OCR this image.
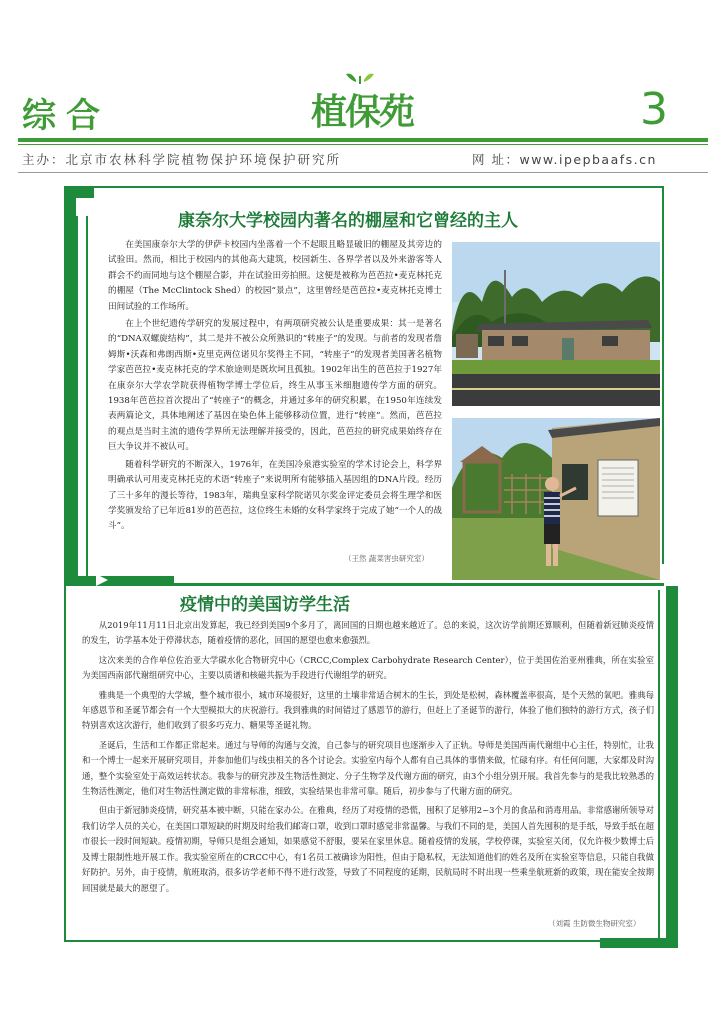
综合	植保苑	3
主办：北京市农林科学院植物保护环境保护研究所	网 址：www.ipepbaafs.cn
康奈尔大学校园内著名的棚屋和它曾经的主人

在美国康奈尔大学的伊萨卡校园内坐落着一个不起眼且略显破旧的棚屋及其旁边的试验田。然而，相比于校园内的其他高大建筑，校园新生、各界学者以及外来游客等人群会不约而同地与这个棚屋合影，并在试验田旁拍照。这便是被称为芭芭拉•麦克林托克的棚屋（The McClintock Shed）的校园“景点”，这里曾经是芭芭拉•麦克林托克博士田间试验的工作场所。

在上个世纪遗传学研究的发展过程中，有两项研究被公认是重要成果：其一是著名的“DNA双螺旋结构”，其二是并不被公众所熟识的“转座子”的发现。与前者的发现者詹姆斯•沃森和弗朗西斯•克里克两位诺贝尔奖得主不同，“转座子”的发现者美国著名植物学家芭芭拉•麦克林托克的学术旅途则是既坎坷且孤独。1902年出生的芭芭拉于1927年在康奈尔大学农学院获得植物学博士学位后，终生从事玉米细胞遗传学方面的研究。1938年芭芭拉首次提出了“转座子”的概念，并通过多年的研究积累，在1950年连续发表两篇论文，具体地阐述了基因在染色体上能够移动位置，进行“转座”。然而，芭芭拉的观点是当时主流的遗传学界所无法理解并接受的，因此，芭芭拉的研究成果始终存在巨大争议并不被认可。

随着科学研究的不断深入，1976年，在美国冷泉港实验室的学术讨论会上，科学界明确承认可用麦克林托克的术语“转座子”来说明所有能够插入基因组的DNA片段。经历了三十多年的漫长等待，1983年，瑞典皇家科学院诺贝尔奖金评定委员会将生理学和医学奖颁发给了已年近81岁的芭芭拉，这位终生未婚的女科学家终于完成了她“一个人的战斗”。

（王然 蔬菜害虫研究室）
疫情中的美国访学生活

从2019年11月11日北京出发算起，我已经到美国9个多月了，离回国的日期也越来越近了。总的来说，这次访学前期还算顺利，但随着新冠肺炎疫情的发生，访学基本处于停滞状态，随着疫情的恶化，回国的愿望也愈来愈强烈。

这次来美的合作单位佐治亚大学碳水化合物研究中心（CRCC,Complex Carbohydrate Research Center），位于美国佐治亚州雅典，所在实验室为美国西南部代谢组研究中心，主要以质谱和核磁共振为手段进行代谢组学的研究。

雅典是一个典型的大学城，整个城市很小，城市环境很好，这里的土壤非常适合树木的生长，到处是松树，森林覆盖率很高，是个天然的氧吧。雅典每年感恩节和圣诞节都会有一个大型模拟大的庆祝游行。我到雅典的时间错过了感恩节的游行，但赶上了圣诞节的游行，体验了他们独特的游行方式，孩子们特别喜欢这次游行，他们收到了很多巧克力、糖果等圣诞礼物。

圣诞后，生活和工作都正常起来。通过与导师的沟通与交流，自己参与的研究项目也逐渐步入了正轨。导师是美国西南代谢组中心主任，特别忙，让我和一个博士一起来开展研究项目，并参加他们与线虫相关的各个讨论会。实验室内每个人都有自己具体的事情来做，忙碌有序。有任何问题，大家都及时沟通，整个实验室处于高效运转状态。我参与的研究涉及生物活性测定、分子生物学及代谢方面的研究，由3个小组分别开展。我首先参与的是我比较熟悉的生物活性测定，他们对生物活性测定做的非常标准，细致，实验结果也非常可靠。随后，初步参与了代谢方面的研究。

但由于新冠肺炎疫情，研究基本被中断，只能在家办公。在雅典，经历了对疫情的恐慌，囤积了足够用2~3个月的食品和消毒用品。非常感谢所领导对我们访学人员的关心，在美国口罩短缺的时期及时给我们邮寄口罩，收到口罩时感觉非常温馨。与我们不同的是，美国人首先囤积的是手纸，导致手纸在超市很长一段时间短缺。疫情初期，导师只是组会通知，如果感觉不舒服，要呆在家里休息。随着疫情的发展，学校停课，实验室关闭，仅允许极少数博士后及博士限制性地开展工作。我实验室所在的CRCC中心，有1名员工被确诊为阳性，但由于隐私权，无法知道他们的姓名及所在实验室等信息，只能自我做好防护。另外，由于疫情，航班取消，很多访学老师不得不进行改签，导致了不同程度的延期，民航局时不时出现一些乘坐航班新的政策，现在能安全按期回国就是最大的愿望了。

（刘霞 生防微生物研究室）
